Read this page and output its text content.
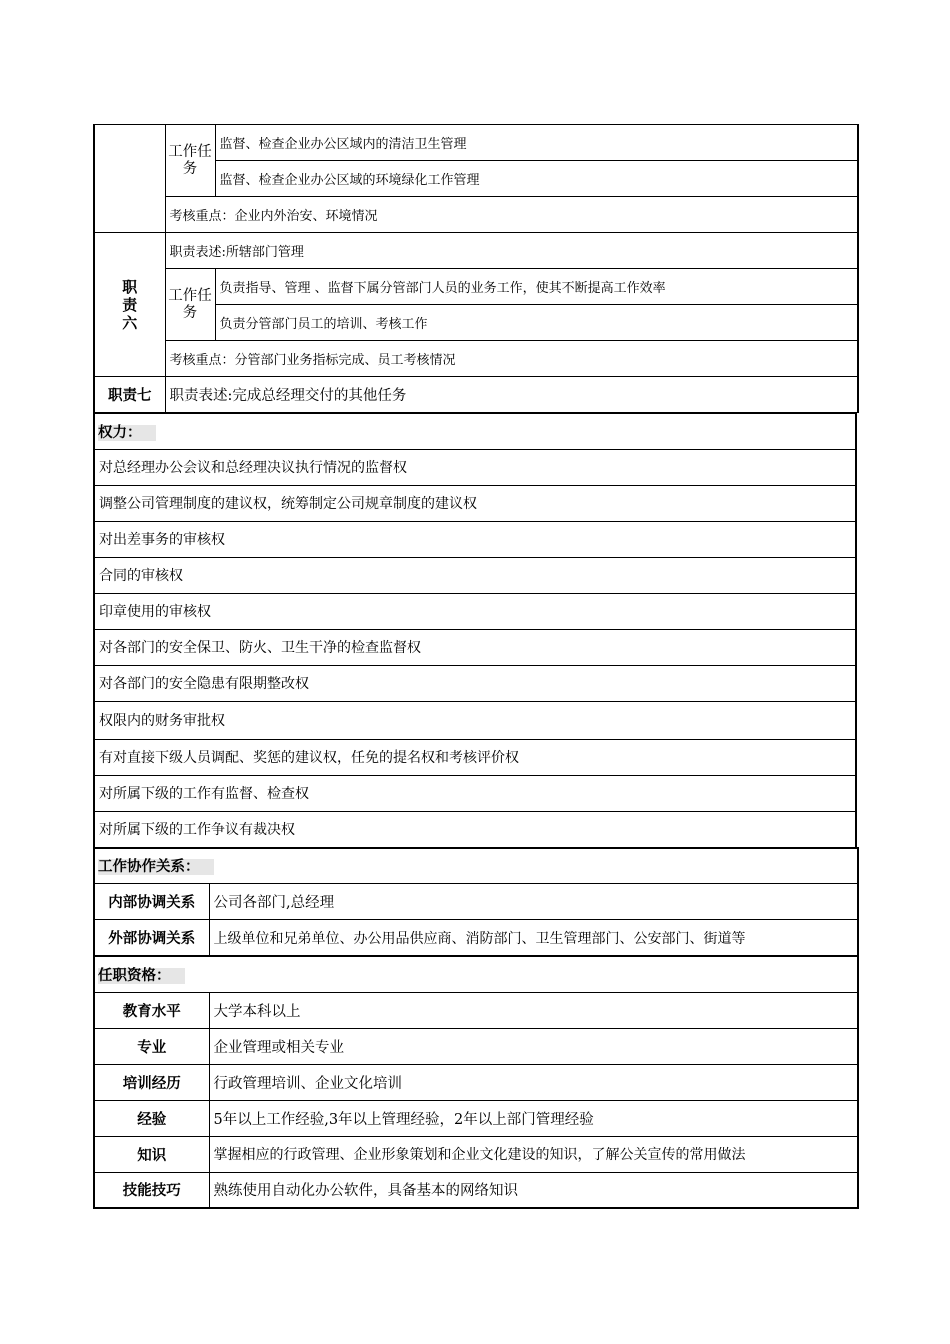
	工作任务	监督、检查企业办公区域内的清洁卫生管理
		监督、检查企业办公区域的环境绿化工作管理
	考核重点：企业内外治安、环境情况	
职责六	职责表述:所辖部门管理	
	工作任务	负责指导、管理 、监督下属分管部门人员的业务工作，使其不断提高工作效率
		负责分管部门员工的培训、考核工作
	考核重点：分管部门业务指标完成、员工考核情况	
职责七	职责表述:完成总经理交付的其他任务	
权力：
对总经理办公会议和总经理决议执行情况的监督权
调整公司管理制度的建议权，统筹制定公司规章制度的建议权
对出差事务的审核权
合同的审核权
印章使用的审核权
对各部门的安全保卫、防火、卫生干净的检查监督权
对各部门的安全隐患有限期整改权
权限内的财务审批权
有对直接下级人员调配、奖惩的建议权，任免的提名权和考核评价权
对所属下级的工作有监督、检查权
对所属下级的工作争议有裁决权
工作协作关系：	
内部协调关系	公司各部门,总经理
外部协调关系	上级单位和兄弟单位、办公用品供应商、消防部门、卫生管理部门、公安部门、街道等
任职资格：	
教育水平	大学本科以上
专业	企业管理或相关专业
培训经历	行政管理培训、企业文化培训
经验	5年以上工作经验,3年以上管理经验，2年以上部门管理经验
知识	掌握相应的行政管理、企业形象策划和企业文化建设的知识，了解公关宣传的常用做法
技能技巧	熟练使用自动化办公软件，具备基本的网络知识
